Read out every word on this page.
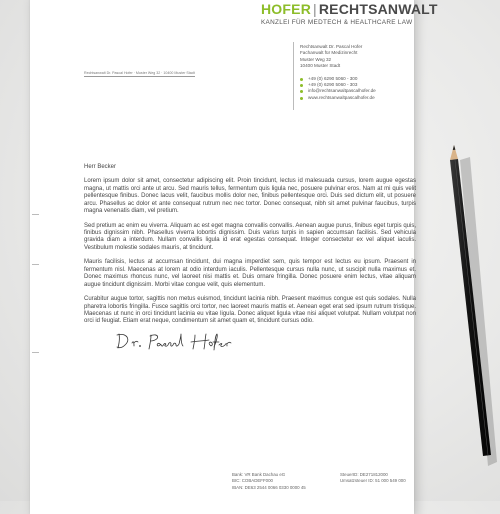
HOFER | RECHTSANWALT
KANZLEI FÜR MEDTECH & HEALTHCARE LAW
Rechtsanwalt Dr. Pascal Hofer
Fachanwalt für Medizinrecht
Muster Weg 32
10400 Muster Stadt
+49 (0) 6290 5060 - 300
+49 (0) 6290 5060 - 303
info@rechtsanwaltpascalhofer.de
www.rechtsanwaltpascalhofer.de
Rechtsanwalt Dr. Pascal Hofer · Muster Weg 32 · 10400 Muster Stadt
Herr Becker

Lorem ipsum dolor sit amet, consectetur adipiscing elit. Proin tincidunt, lectus id malesuada cursus, lorem augue egestas magna, ut mattis orci ante ut arcu. Sed mauris tellus, fermentum quis ligula nec, posuere pulvinar eros. Nam at mi quis velit pellentesque finibus. Donec lacus velit, faucibus mollis dolor nec, finibus pellentesque orci. Duis sed dictum elit, ut posuere arcu. Phasellus ac dolor et ante consequat rutrum nec nec tortor. Donec consequat, nibh sit amet pulvinar faucibus, turpis magna venenatis diam, vel pretium.

Sed pretium ac enim eu viverra. Aliquam ac est eget magna convallis convallis. Aenean augue purus, finibus eget turpis quis, finibus dignissim nibh. Phasellus viverra lobortis dignissim. Duis varius turpis in sapien accumsan facilisis. Sed vehicula gravida diam a interdum. Nullam convallis ligula id erat egestas consequat. Integer consectetur ex vel aliquet iaculis. Vestibulum molestie sodales mauris, at tincidunt.

Mauris facilisis, lectus at accumsan tincidunt, dui magna imperdiet sem, quis tempor est lectus eu ipsum. Praesent in fermentum nisl. Maecenas at lorem at odio interdum iaculis. Pellentesque cursus nulla nunc, ut suscipit nulla maximus et. Donec maximus rhoncus nunc, vel laoreet nisi mattis et. Duis ornare fringilla. Donec posuere enim lectus, vitae aliquam augue tincidunt dignissim. Morbi vitae congue velit, quis elementum.

Curabitur augue tortor, sagittis non metus euismod, tincidunt lacinia nibh. Praesent maximus congue est quis sodales. Nulla pharetra lobortis fringilla. Fusce sagittis orci tortor, nec laoreet mauris mattis et. Aenean eget erat sed ipsum rutrum tristique. Maecenas ut nunc in orci tincidunt lacinia eu vitae ligula. Donec aliquet ligula vitae nisi aliquet volutpat. Nullam volutpat non orci id feugiat. Etiam erat neque, condimentum sit amet quam et, tincidunt cursus odio.

Bank: VR Bank Dachau eG
BIC: COBADEFF000
IBAN: DE63 2544 0066 0330 0000 45
SteuerID: DE271812000
Umsatzsteuer ID: 51 000 549 000
